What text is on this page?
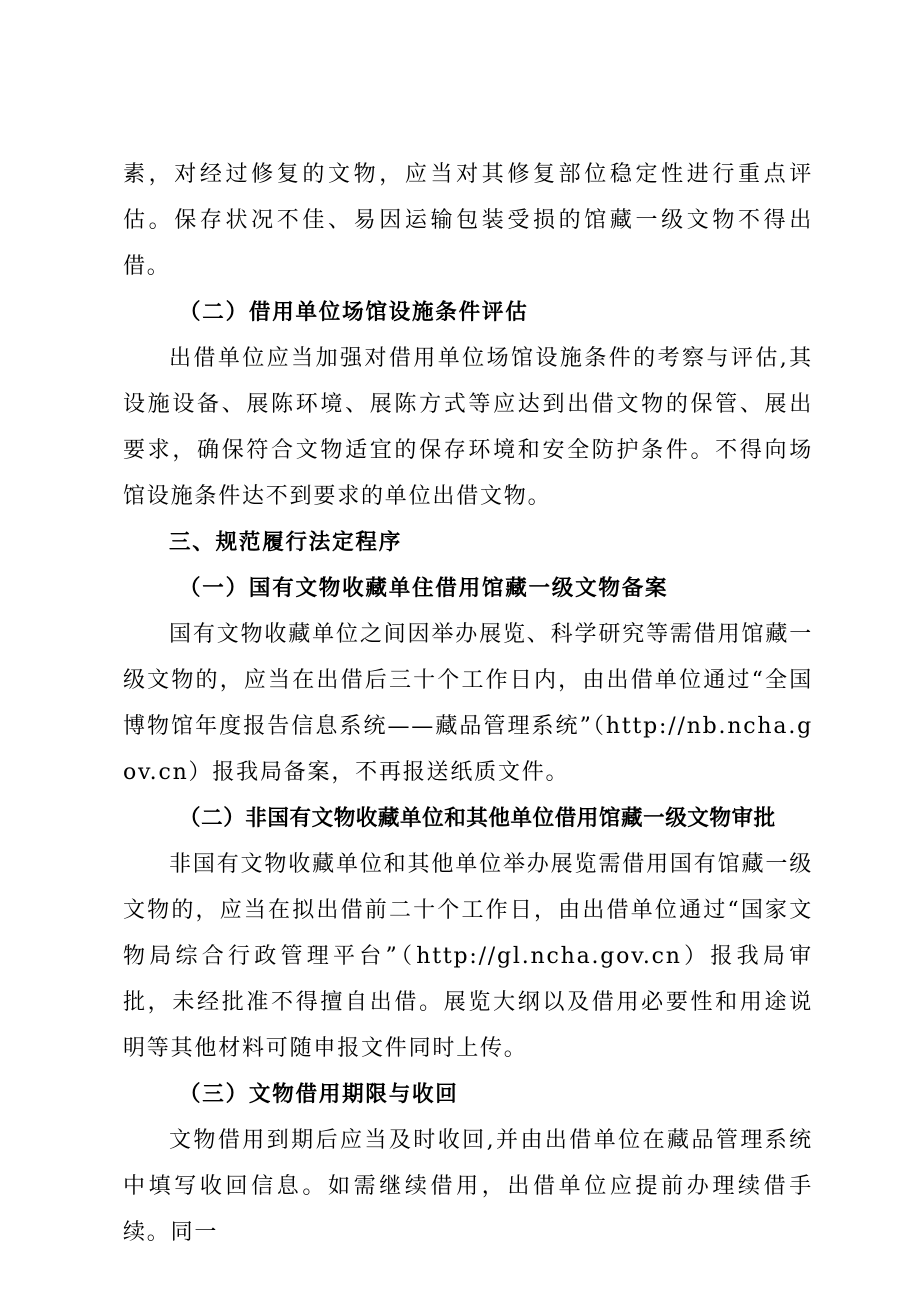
素，对经过修复的文物，应当对其修复部位稳定性进行重点评估。保存状况不佳、易因运输包装受损的馆藏一级文物不得出借。

（二）借用单位场馆设施条件评估

出借单位应当加强对借用单位场馆设施条件的考察与评估,其设施设备、展陈环境、展陈方式等应达到出借文物的保管、展出要求，确保符合文物适宜的保存环境和安全防护条件。不得向场馆设施条件达不到要求的单位出借文物。

三、规范履行法定程序

（一）国有文物收藏单住借用馆藏一级文物备案

国有文物收藏单位之间因举办展览、科学研究等需借用馆藏一级文物的，应当在出借后三十个工作日内，由出借单位通过“全国博物馆年度报告信息系统——藏品管理系统”（http://nb.ncha.gov.cn）报我局备案，不再报送纸质文件。

（二）非国有文物收藏单位和其他单位借用馆藏一级文物审批

非国有文物收藏单位和其他单位举办展览需借用国有馆藏一级文物的，应当在拟出借前二十个工作日，由出借单位通过“国家文物局综合行政管理平台”（http://gl.ncha.gov.cn）报我局审批，未经批准不得擅自出借。展览大纲以及借用必要性和用途说明等其他材料可随申报文件同时上传。

（三）文物借用期限与收回

文物借用到期后应当及时收回,并由出借单位在藏品管理系统中填写收回信息。如需继续借用，出借单位应提前办理续借手续。同一
